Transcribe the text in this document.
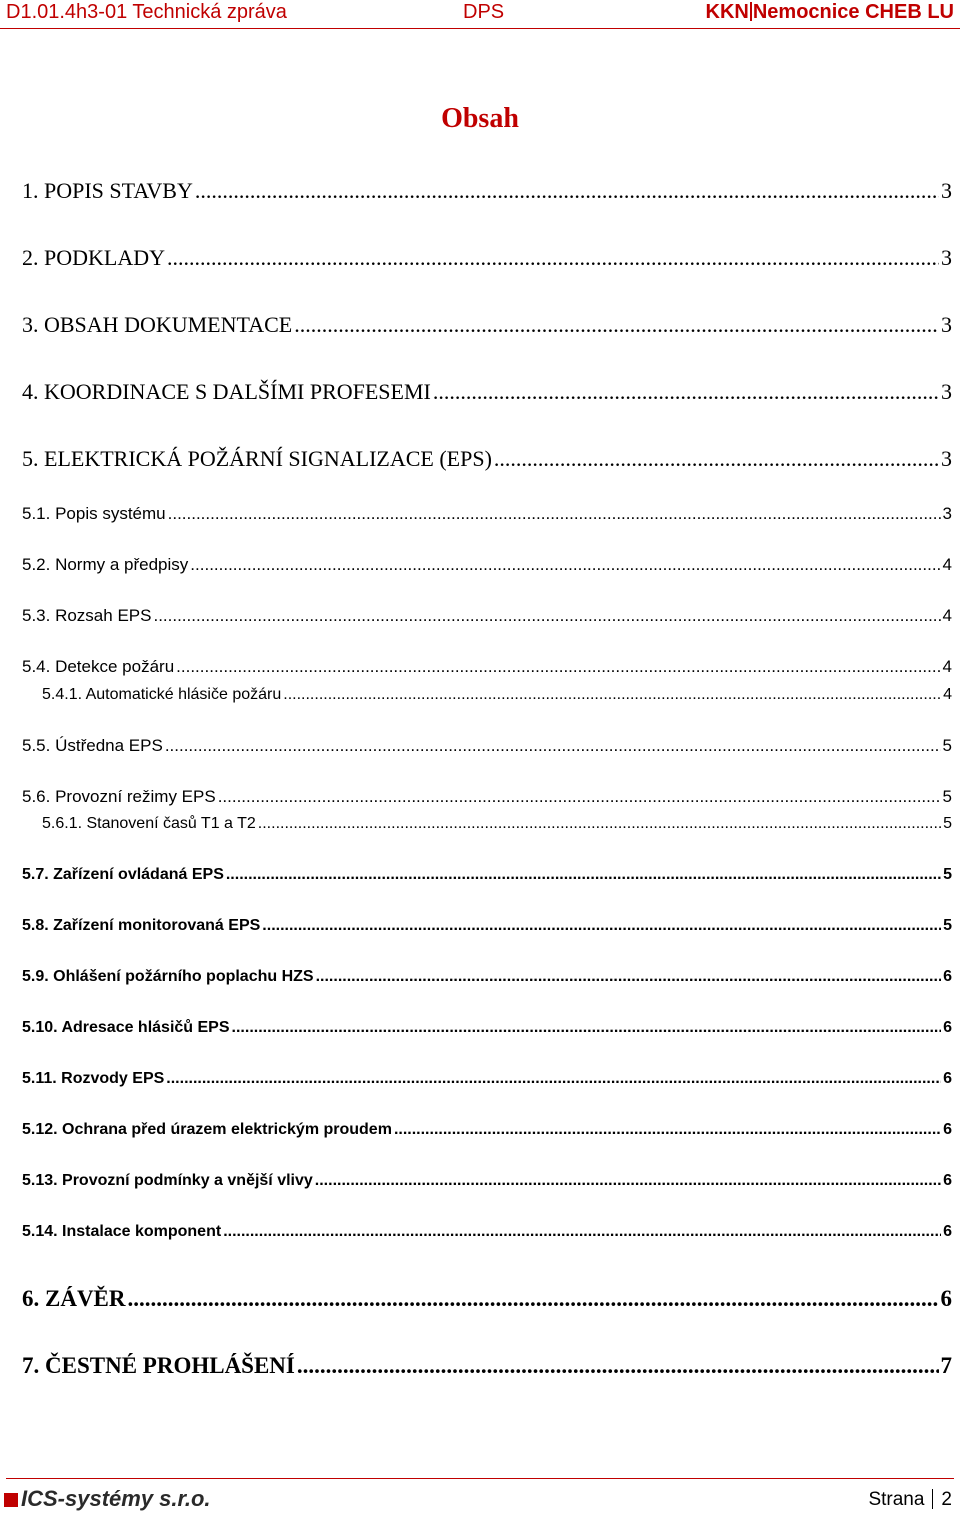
D1.01.4h3-01 Technická zpráva	DPS	KKN Nemocnice CHEB LU
Obsah
1. POPIS STAVBY .....	3
2. PODKLADY .....	3
3. OBSAH DOKUMENTACE .....	3
4. KOORDINACE S DALŠÍMI PROFESEMI .....	3
5. ELEKTRICKÁ POŽÁRNÍ SIGNALIZACE (EPS) .....	3
5.1. Popis systému .....	3
5.2. Normy a předpisy .....	4
5.3. Rozsah EPS .....	4
5.4. Detekce požáru .....	4
5.4.1. Automatické hlásiče požáru .....	4
5.5. Ústředna EPS .....	5
5.6. Provozní režimy EPS .....	5
5.6.1. Stanovení časů T1 a T2 .....	5
5.7. Zařízení ovládaná EPS .....	5
5.8. Zařízení monitorovaná EPS .....	5
5.9. Ohlášení požárního poplachu HZS .....	6
5.10. Adresace hlásičů EPS .....	6
5.11. Rozvody EPS .....	6
5.12. Ochrana před úrazem elektrickým proudem .....	6
5.13. Provozní podmínky a vnější vlivy .....	6
5.14. Instalace komponent .....	6
6. ZÁVĚR .....	6
7. ČESTNÉ PROHLÁŠENÍ .....	7
ICS-systémy s.r.o.	Strana 2
